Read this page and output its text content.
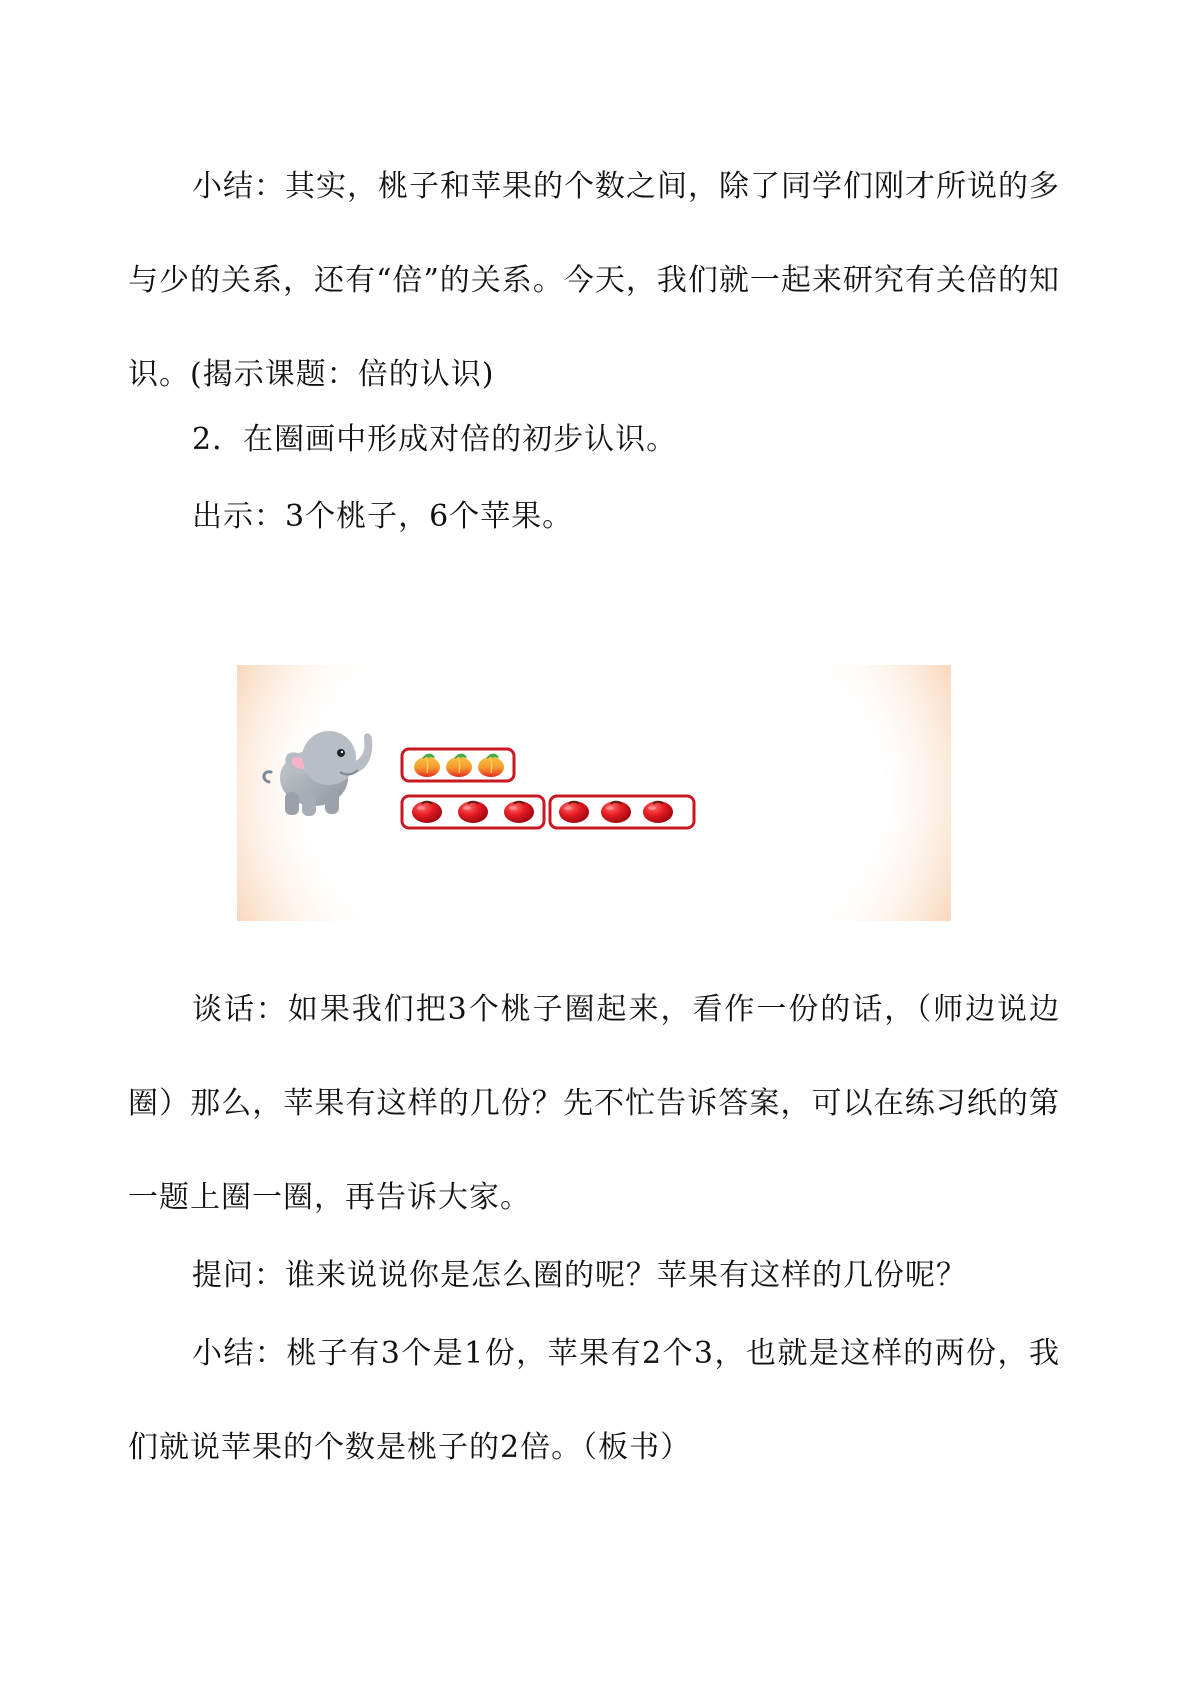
小结：其实，桃子和苹果的个数之间，除了同学们刚才所说的多与少的关系，还有“倍”的关系。今天，我们就一起来研究有关倍的知识。(揭示课题：倍的认识)

2．在圈画中形成对倍的初步认识。

出示：3个桃子，6个苹果。

谈话：如果我们把3个桃子圈起来，看作一份的话，（师边说边圈）那么，苹果有这样的几份？先不忙告诉答案，可以在练习纸的第一题上圈一圈，再告诉大家。

提问：谁来说说你是怎么圈的呢？苹果有这样的几份呢？

小结：桃子有3个是1份，苹果有2个3，也就是这样的两份，我们就说苹果的个数是桃子的2倍。（板书）
